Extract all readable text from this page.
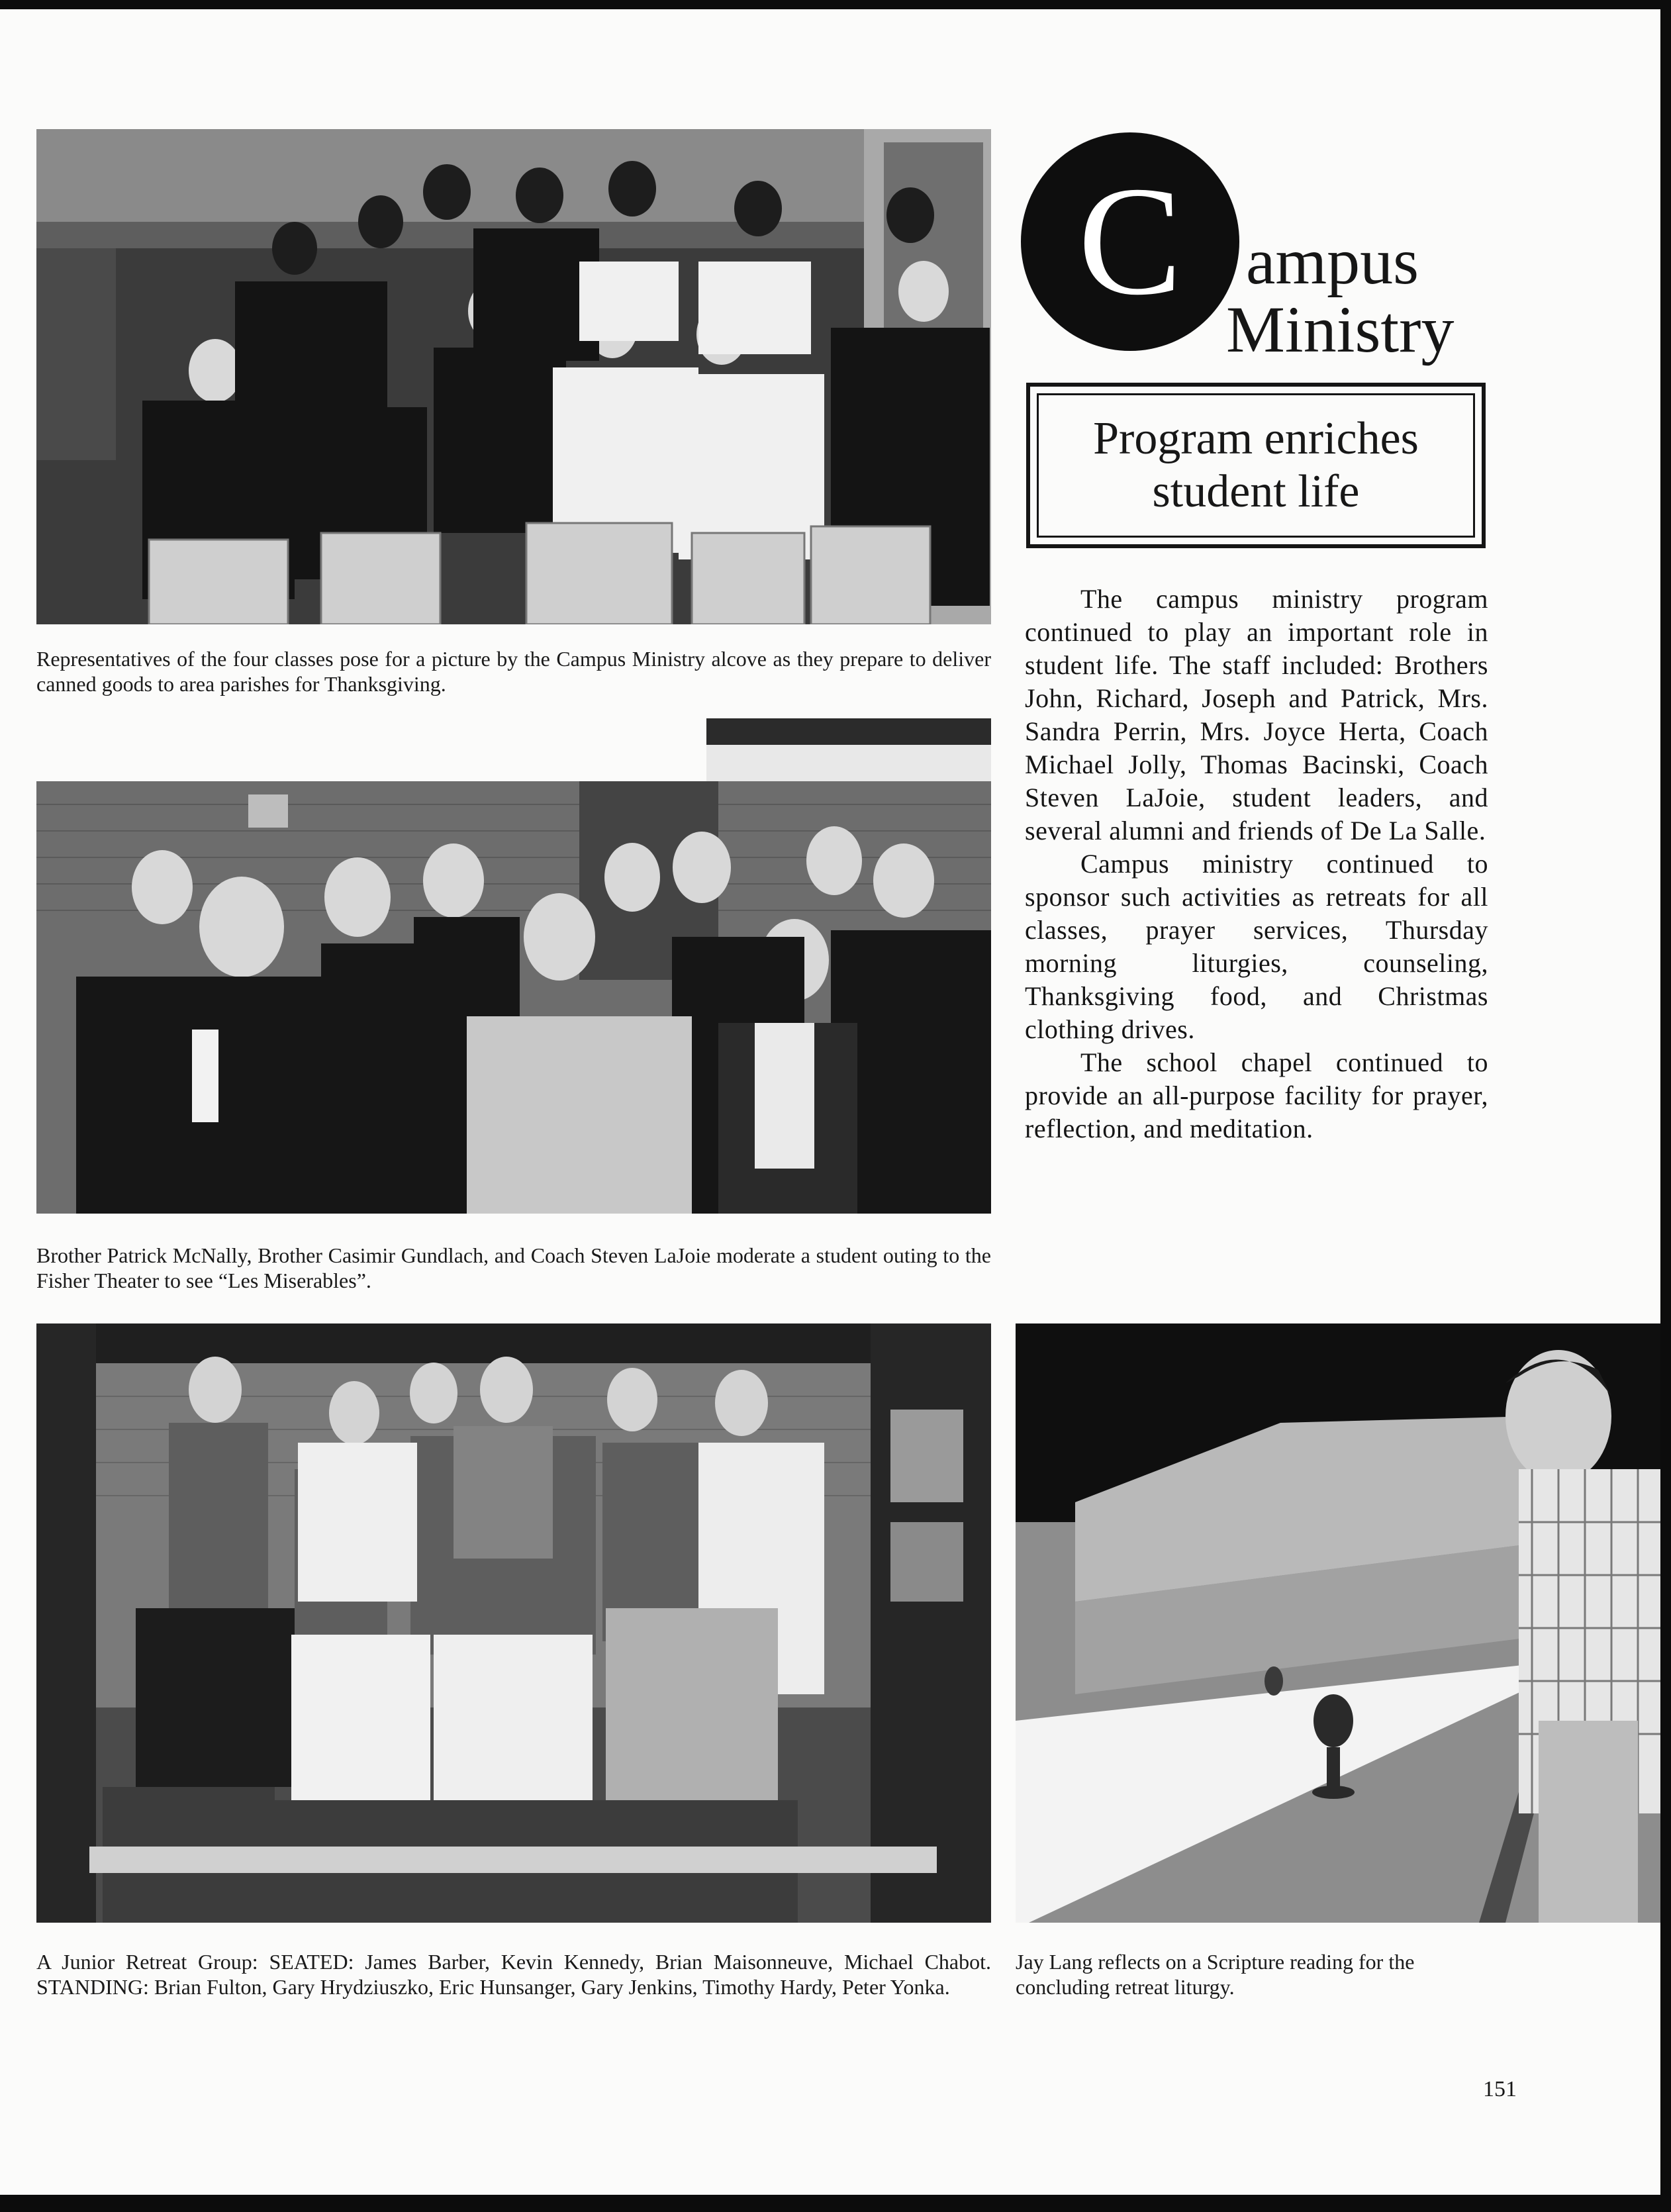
Representatives of the four classes pose for a picture by the Campus Ministry alcove as they prepare to deliver canned goods to area parishes for Thanksgiving.

Brother Patrick McNally, Brother Casimir Gundlach, and Coach Steven LaJoie moderate a student outing to the Fisher Theater to see “Les Miserables”.

A Junior Retreat Group: SEATED: James Barber, Kevin Kennedy, Brian Maisonneuve, Michael Chabot. STANDING: Brian Fulton, Gary Hrydziuszko, Eric Hunsanger, Gary Jenkins, Timothy Hardy, Peter Yonka.

Jay Lang reflects on a Scripture reading for the concluding retreat liturgy.

C ampus
Ministry
Program enriches
student life

The campus ministry program continued to play an important role in student life. The staff included: Brothers John, Richard, Joseph and Patrick, Mrs. Sandra Perrin, Mrs. Joyce Herta, Coach Michael Jolly, Thomas Bacinski, Coach Steven LaJoie, student leaders, and several alumni and friends of De La Salle.

Campus ministry continued to sponsor such activities as retreats for all classes, prayer services, Thursday morning liturgies, counseling, Thanksgiving food, and Christmas clothing drives.

The school chapel continued to provide an all-purpose facility for prayer, reflection, and meditation.

151
